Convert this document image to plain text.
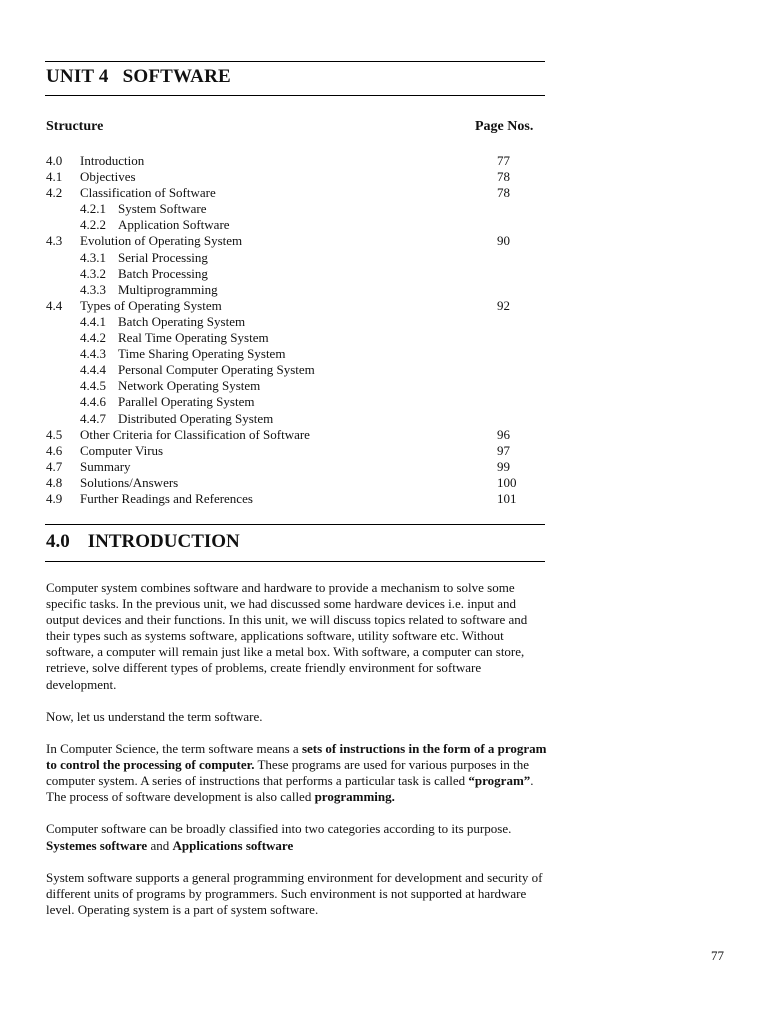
UNIT 4 SOFTWARE
Structure	Page Nos.
4.0 Introduction	77
4.1 Objectives	78
4.2 Classification of Software	78
4.2.1 System Software
4.2.2 Application Software
4.3 Evolution of Operating System	90
4.3.1 Serial Processing
4.3.2 Batch Processing
4.3.3 Multiprogramming
4.4 Types of Operating System	92
4.4.1 Batch Operating System
4.4.2 Real Time Operating System
4.4.3 Time Sharing Operating System
4.4.4 Personal Computer Operating System
4.4.5 Network Operating System
4.4.6 Parallel Operating System
4.4.7 Distributed Operating System
4.5 Other Criteria for Classification of Software	96
4.6 Computer Virus	97
4.7 Summary	99
4.8 Solutions/Answers	100
4.9 Further Readings and References	101
4.0 INTRODUCTION

Computer system combines software and hardware to provide a mechanism to solve some specific tasks. In the previous unit, we had discussed some hardware devices i.e. input and output devices and their functions. In this unit, we will discuss topics related to software and their types such as systems software, applications software, utility software etc. Without software, a computer will remain just like a metal box. With software, a computer can store, retrieve, solve different types of problems, create friendly environment for software development.

Now, let us understand the term software.

In Computer Science, the term software means a sets of instructions in the form of a program to control the processing of computer. These programs are used for various purposes in the computer system. A series of instructions that performs a particular task is called “program”. The process of software development is also called programming.

Computer software can be broadly classified into two categories according to its purpose. Systemes software and Applications software

System software supports a general programming environment for development and security of different units of programs by programmers. Such environment is not supported at hardware level. Operating system is a part of system software.

77
